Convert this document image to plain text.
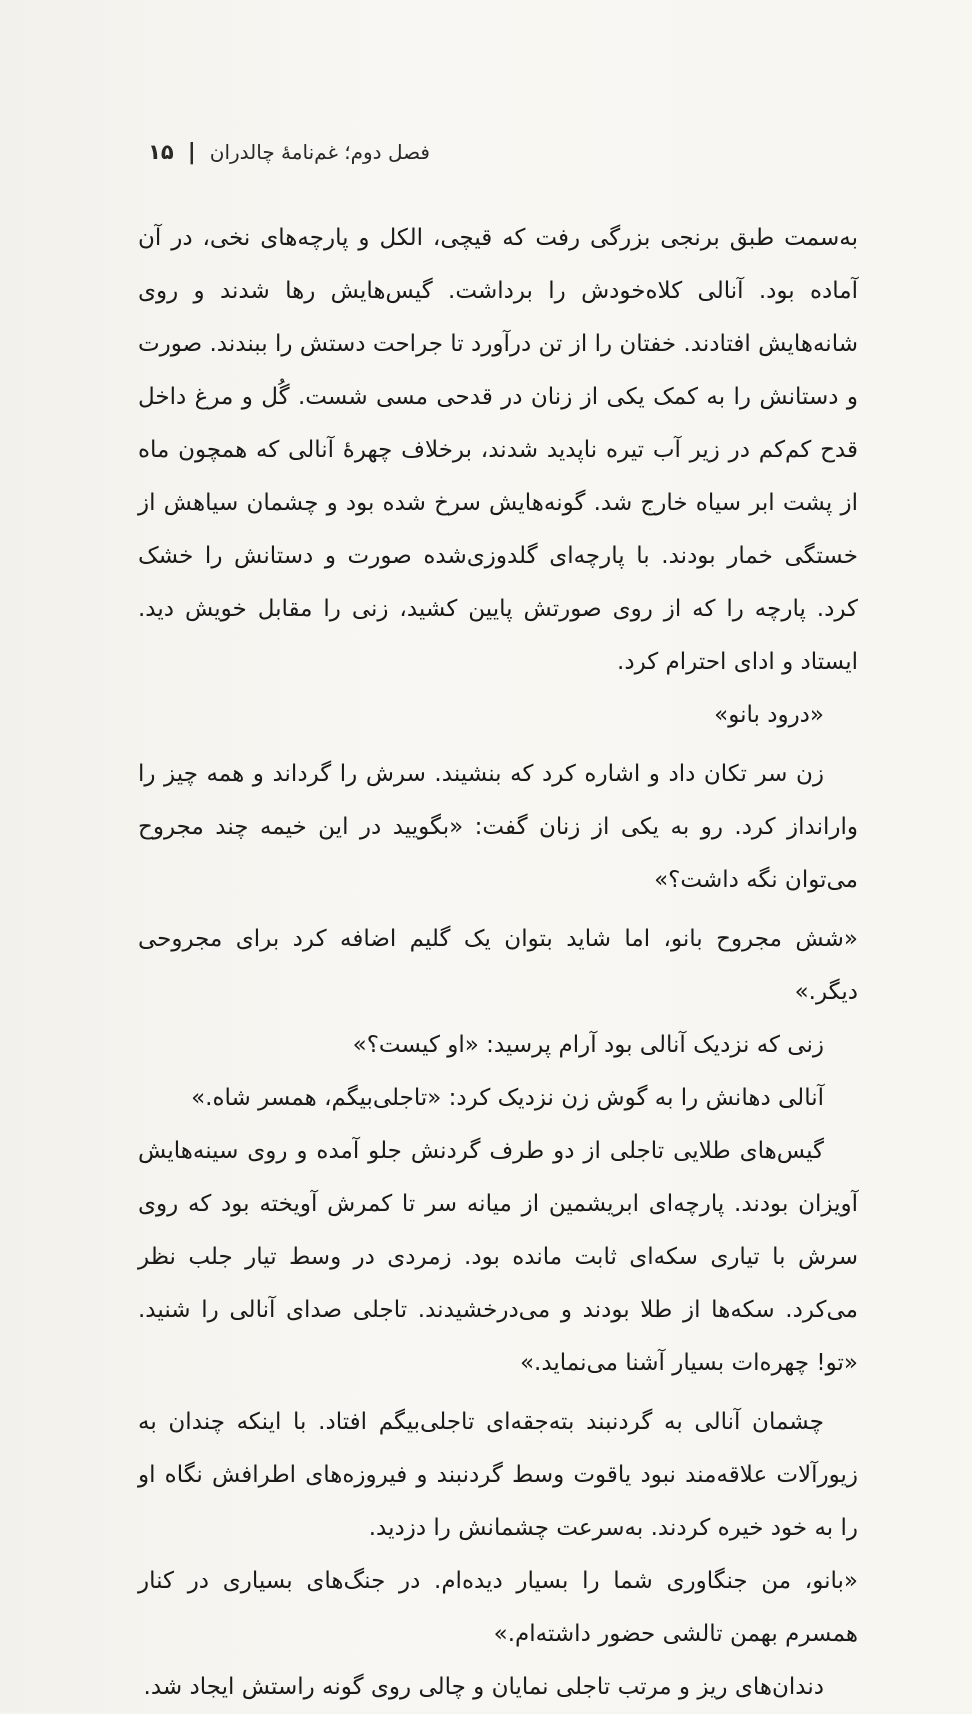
فصل دوم؛ غم‌نامهٔ چالدران
|
۱۵

به‌سمت طبق برنجی بزرگی رفت که قیچی، الکل و پارچه‌های نخی، در آن آماده بود. آنالی کلاه‌خودش را برداشت. گیس‌هایش رها شدند و روی شانه‌هایش افتادند. خفتان را از تن درآورد تا جراحت دستش را ببندند. صورت و دستانش را به کمک یکی از زنان در قدحی مسی شست. گُل و مرغ داخل قدح کم‌کم در زیر آب تیره ناپدید شدند، برخلاف چهرهٔ آنالی که همچون ماه از پشت ابر سیاه خارج شد. گونه‌هایش سرخ شده بود و چشمان سیاهش از خستگی خمار بودند. با پارچه‌ای گلدوزی‌شده صورت و دستانش را خشک کرد. پارچه را که از روی صورتش پایین کشید، زنی را مقابل خویش دید. ایستاد و ادای احترام کرد.

«درود بانو»

زن سر تکان داد و اشاره کرد که بنشیند. سرش را گرداند و همه چیز را وارانداز کرد. رو به یکی از زنان گفت: «بگویید در این خیمه چند مجروح می‌توان نگه داشت؟»

«شش مجروح بانو، اما شاید بتوان یک گلیم اضافه کرد برای مجروحی دیگر.»

زنی که نزدیک آنالی بود آرام پرسید: «او کیست؟»

آنالی دهانش را به گوش زن نزدیک کرد: «تاجلی‌بیگم، همسر شاه.»

گیس‌های طلایی تاجلی از دو طرف گردنش جلو آمده و روی سینه‌هایش آویزان بودند. پارچه‌ای ابریشمین از میانه سر تا کمرش آویخته بود که روی سرش با تیاری سکه‌ای ثابت مانده بود. زمردی در وسط تیار جلب نظر می‌کرد. سکه‌ها از طلا بودند و می‌درخشیدند. تاجلی صدای آنالی را شنید. «تو! چهره‌ات بسیار آشنا می‌نماید.»

چشمان آنالی به گردنبند بته‌جقه‌ای تاجلی‌بیگم افتاد. با اینکه چندان به زیورآلات علاقه‌مند نبود یاقوت وسط گردنبند و فیروزه‌های اطرافش نگاه او را به خود خیره کردند. به‌سرعت چشمانش را دزدید.

«بانو، من جنگاوری شما را بسیار دیده‌ام. در جنگ‌های بسیاری در کنار همسرم بهمن تالشی حضور داشته‌ام.»

دندان‌های ریز و مرتب تاجلی نمایان و چالی روی گونه راستش ایجاد شد.
